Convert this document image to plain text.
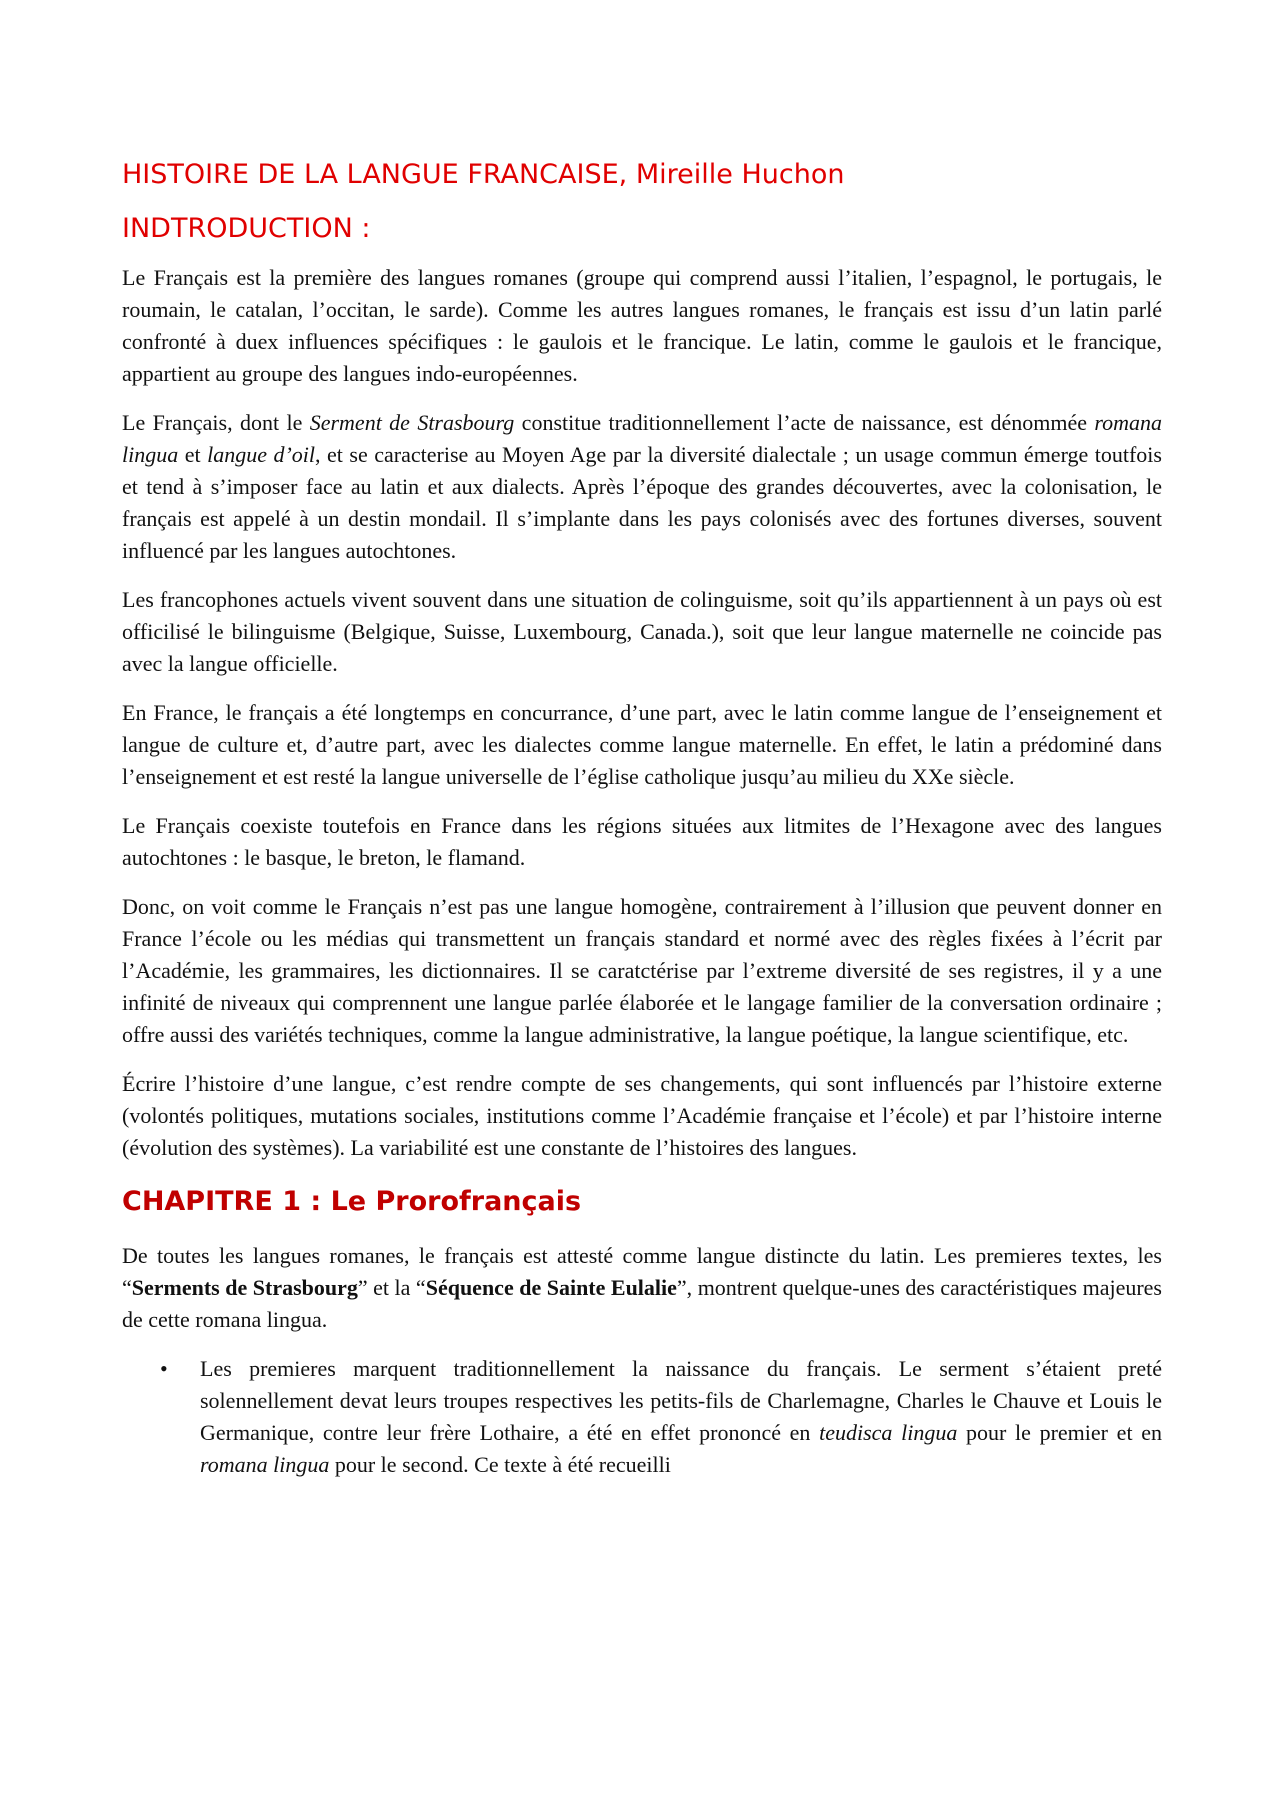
HISTOIRE DE LA LANGUE FRANCAISE, Mireille Huchon
INDTRODUCTION :

Le Français est la première des langues romanes (groupe qui comprend aussi l’italien, l’espagnol, le portugais, le roumain, le catalan, l’occitan, le sarde). Comme les autres langues romanes, le français est issu d’un latin parlé confronté à duex influences spécifiques : le gaulois et le francique. Le latin, comme le gaulois et le francique, appartient au groupe des langues indo-européennes.

Le Français, dont le Serment de Strasbourg constitue traditionnellement l’acte de naissance, est dénommée romana lingua et langue d’oil, et se caracterise au Moyen Age par la diversité dialectale ; un usage commun émerge toutfois et tend à s’imposer face au latin et aux dialects. Après l’époque des grandes découvertes, avec la colonisation, le français est appelé à un destin mondail. Il s’implante dans les pays colonisés avec des fortunes diverses, souvent influencé par les langues autochtones.

Les francophones actuels vivent souvent dans une situation de colinguisme, soit qu’ils appartiennent à un pays où est officilisé le bilinguisme (Belgique, Suisse, Luxembourg, Canada.), soit que leur langue maternelle ne coincide pas avec la langue officielle.

En France, le français a été longtemps en concurrance, d’une part, avec le latin comme langue de l’enseignement et langue de culture et, d’autre part, avec les dialectes comme langue maternelle. En effet, le latin a prédominé dans l’enseignement et est resté la langue universelle de l’église catholique jusqu’au milieu du XXe siècle.

Le Français coexiste toutefois en France dans les régions situées aux litmites de l’Hexagone avec des langues autochtones : le basque, le breton, le flamand.

Donc, on voit comme le Français n’est pas une langue homogène, contrairement à l’illusion que peuvent donner en France l’école ou les médias qui transmettent un français standard et normé avec des règles fixées à l’écrit par l’Académie, les grammaires, les dictionnaires. Il se caratctérise par l’extreme diversité de ses registres, il y a une infinité de niveaux qui comprennent une langue parlée élaborée et le langage familier de la conversation ordinaire ; offre aussi des variétés techniques, comme la langue administrative, la langue poétique, la langue scientifique, etc.

Écrire l’histoire d’une langue, c’est rendre compte de ses changements, qui sont influencés par l’histoire externe (volontés politiques, mutations sociales, institutions comme l’Académie française et l’école) et par l’histoire interne (évolution des systèmes). La variabilité est une constante de l’histoires des langues.

CHAPITRE 1 : Le Prorofrançais

De toutes les langues romanes, le français est attesté comme langue distincte du latin. Les premieres textes, les “Serments de Strasbourg” et la “Séquence de Sainte Eulalie”, montrent quelque-unes des caractéristiques majeures de cette romana lingua.

• Les premieres marquent traditionnellement la naissance du français. Le serment s’étaient preté solennellement devat leurs troupes respectives les petits-fils de Charlemagne, Charles le Chauve et Louis le Germanique, contre leur frère Lothaire, a été en effet prononcé en teudisca lingua pour le premier et en romana lingua pour le second. Ce texte à été recueilli
